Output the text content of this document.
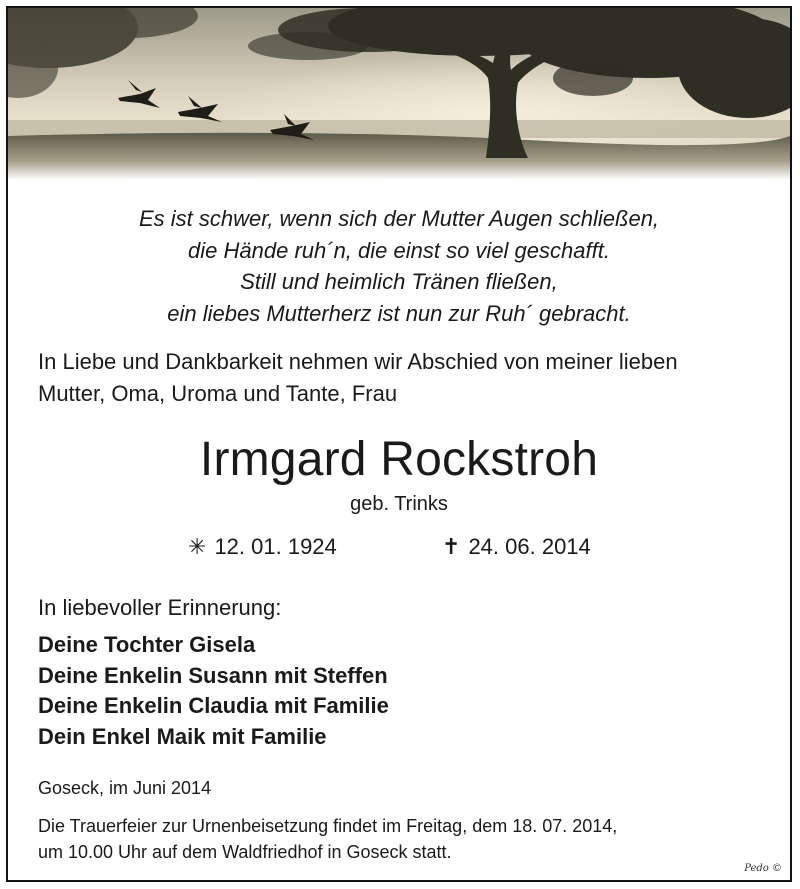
Es ist schwer, wenn sich der Mutter Augen schließen,
die Hände ruh´n, die einst so viel geschafft.
Still und heimlich Tränen fließen,
ein liebes Mutterherz ist nun zur Ruh´ gebracht.
In Liebe und Dankbarkeit nehmen wir Abschied von meiner lieben
Mutter, Oma, Uroma und Tante, Frau
Irmgard Rockstroh
geb. Trinks
✳ 12. 01. 1924	✝ 24. 06. 2014
In liebevoller Erinnerung:
Deine Tochter Gisela
Deine Enkelin Susann mit Steffen
Deine Enkelin Claudia mit Familie
Dein Enkel Maik mit Familie
Goseck, im Juni 2014
Die Trauerfeier zur Urnenbeisetzung findet im Freitag, dem 18. 07. 2014,
um 10.00 Uhr auf dem Waldfriedhof in Goseck statt.
Pedo ©
